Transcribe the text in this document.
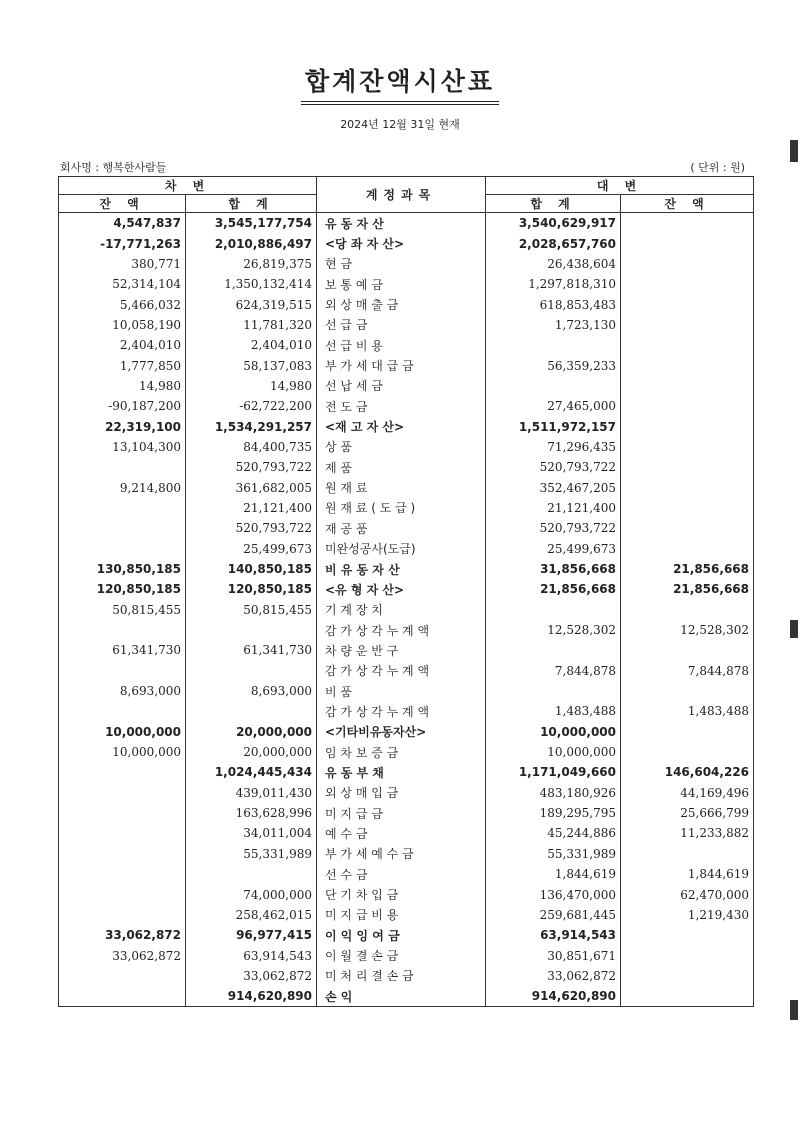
합계잔액시산표
2024년 12월 31일 현재
회사명 : 행복한사람들	( 단위 : 원)
차 변		계정과목	대 변	
잔 액	합 계		합 계	잔 액
4,547,837	3,545,177,754	유 동 자 산	3,540,629,917	
-17,771,263	2,010,886,497	<당 좌 자 산>	2,028,657,760	
380,771	26,819,375	현 금	26,438,604	
52,314,104	1,350,132,414	보 통 예 금	1,297,818,310	
5,466,032	624,319,515	외 상 매 출 금	618,853,483	
10,058,190	11,781,320	선 급 금	1,723,130	
2,404,010	2,404,010	선 급 비 용		
1,777,850	58,137,083	부 가 세 대 급 금	56,359,233	
14,980	14,980	선 납 세 금		
-90,187,200	-62,722,200	전 도 금	27,465,000	
22,319,100	1,534,291,257	<재 고 자 산>	1,511,972,157	
13,104,300	84,400,735	상 품	71,296,435	
	520,793,722	제 품	520,793,722	
9,214,800	361,682,005	원 재 료	352,467,205	
	21,121,400	원 재 료 ( 도 급 )	21,121,400	
	520,793,722	재 공 품	520,793,722	
	25,499,673	미완성공사(도급)	25,499,673	
130,850,185	140,850,185	비 유 동 자 산	31,856,668	21,856,668
120,850,185	120,850,185	<유 형 자 산>	21,856,668	21,856,668
50,815,455	50,815,455	기 계 장 치		
		감 가 상 각 누 계 액	12,528,302	12,528,302
61,341,730	61,341,730	차 량 운 반 구		
		감 가 상 각 누 계 액	7,844,878	7,844,878
8,693,000	8,693,000	비 품		
		감 가 상 각 누 계 액	1,483,488	1,483,488
10,000,000	20,000,000	<기타비유동자산>	10,000,000	
10,000,000	20,000,000	임 차 보 증 금	10,000,000	
	1,024,445,434	유 동 부 채	1,171,049,660	146,604,226
	439,011,430	외 상 매 입 금	483,180,926	44,169,496
	163,628,996	미 지 급 금	189,295,795	25,666,799
	34,011,004	예 수 금	45,244,886	11,233,882
	55,331,989	부 가 세 예 수 금	55,331,989	
		선 수 금	1,844,619	1,844,619
	74,000,000	단 기 차 입 금	136,470,000	62,470,000
	258,462,015	미 지 급 비 용	259,681,445	1,219,430
33,062,872	96,977,415	이 익 잉 여 금	63,914,543	
33,062,872	63,914,543	이 월 결 손 금	30,851,671	
	33,062,872	미 처 리 결 손 금	33,062,872	
	914,620,890	손 익	914,620,890	
